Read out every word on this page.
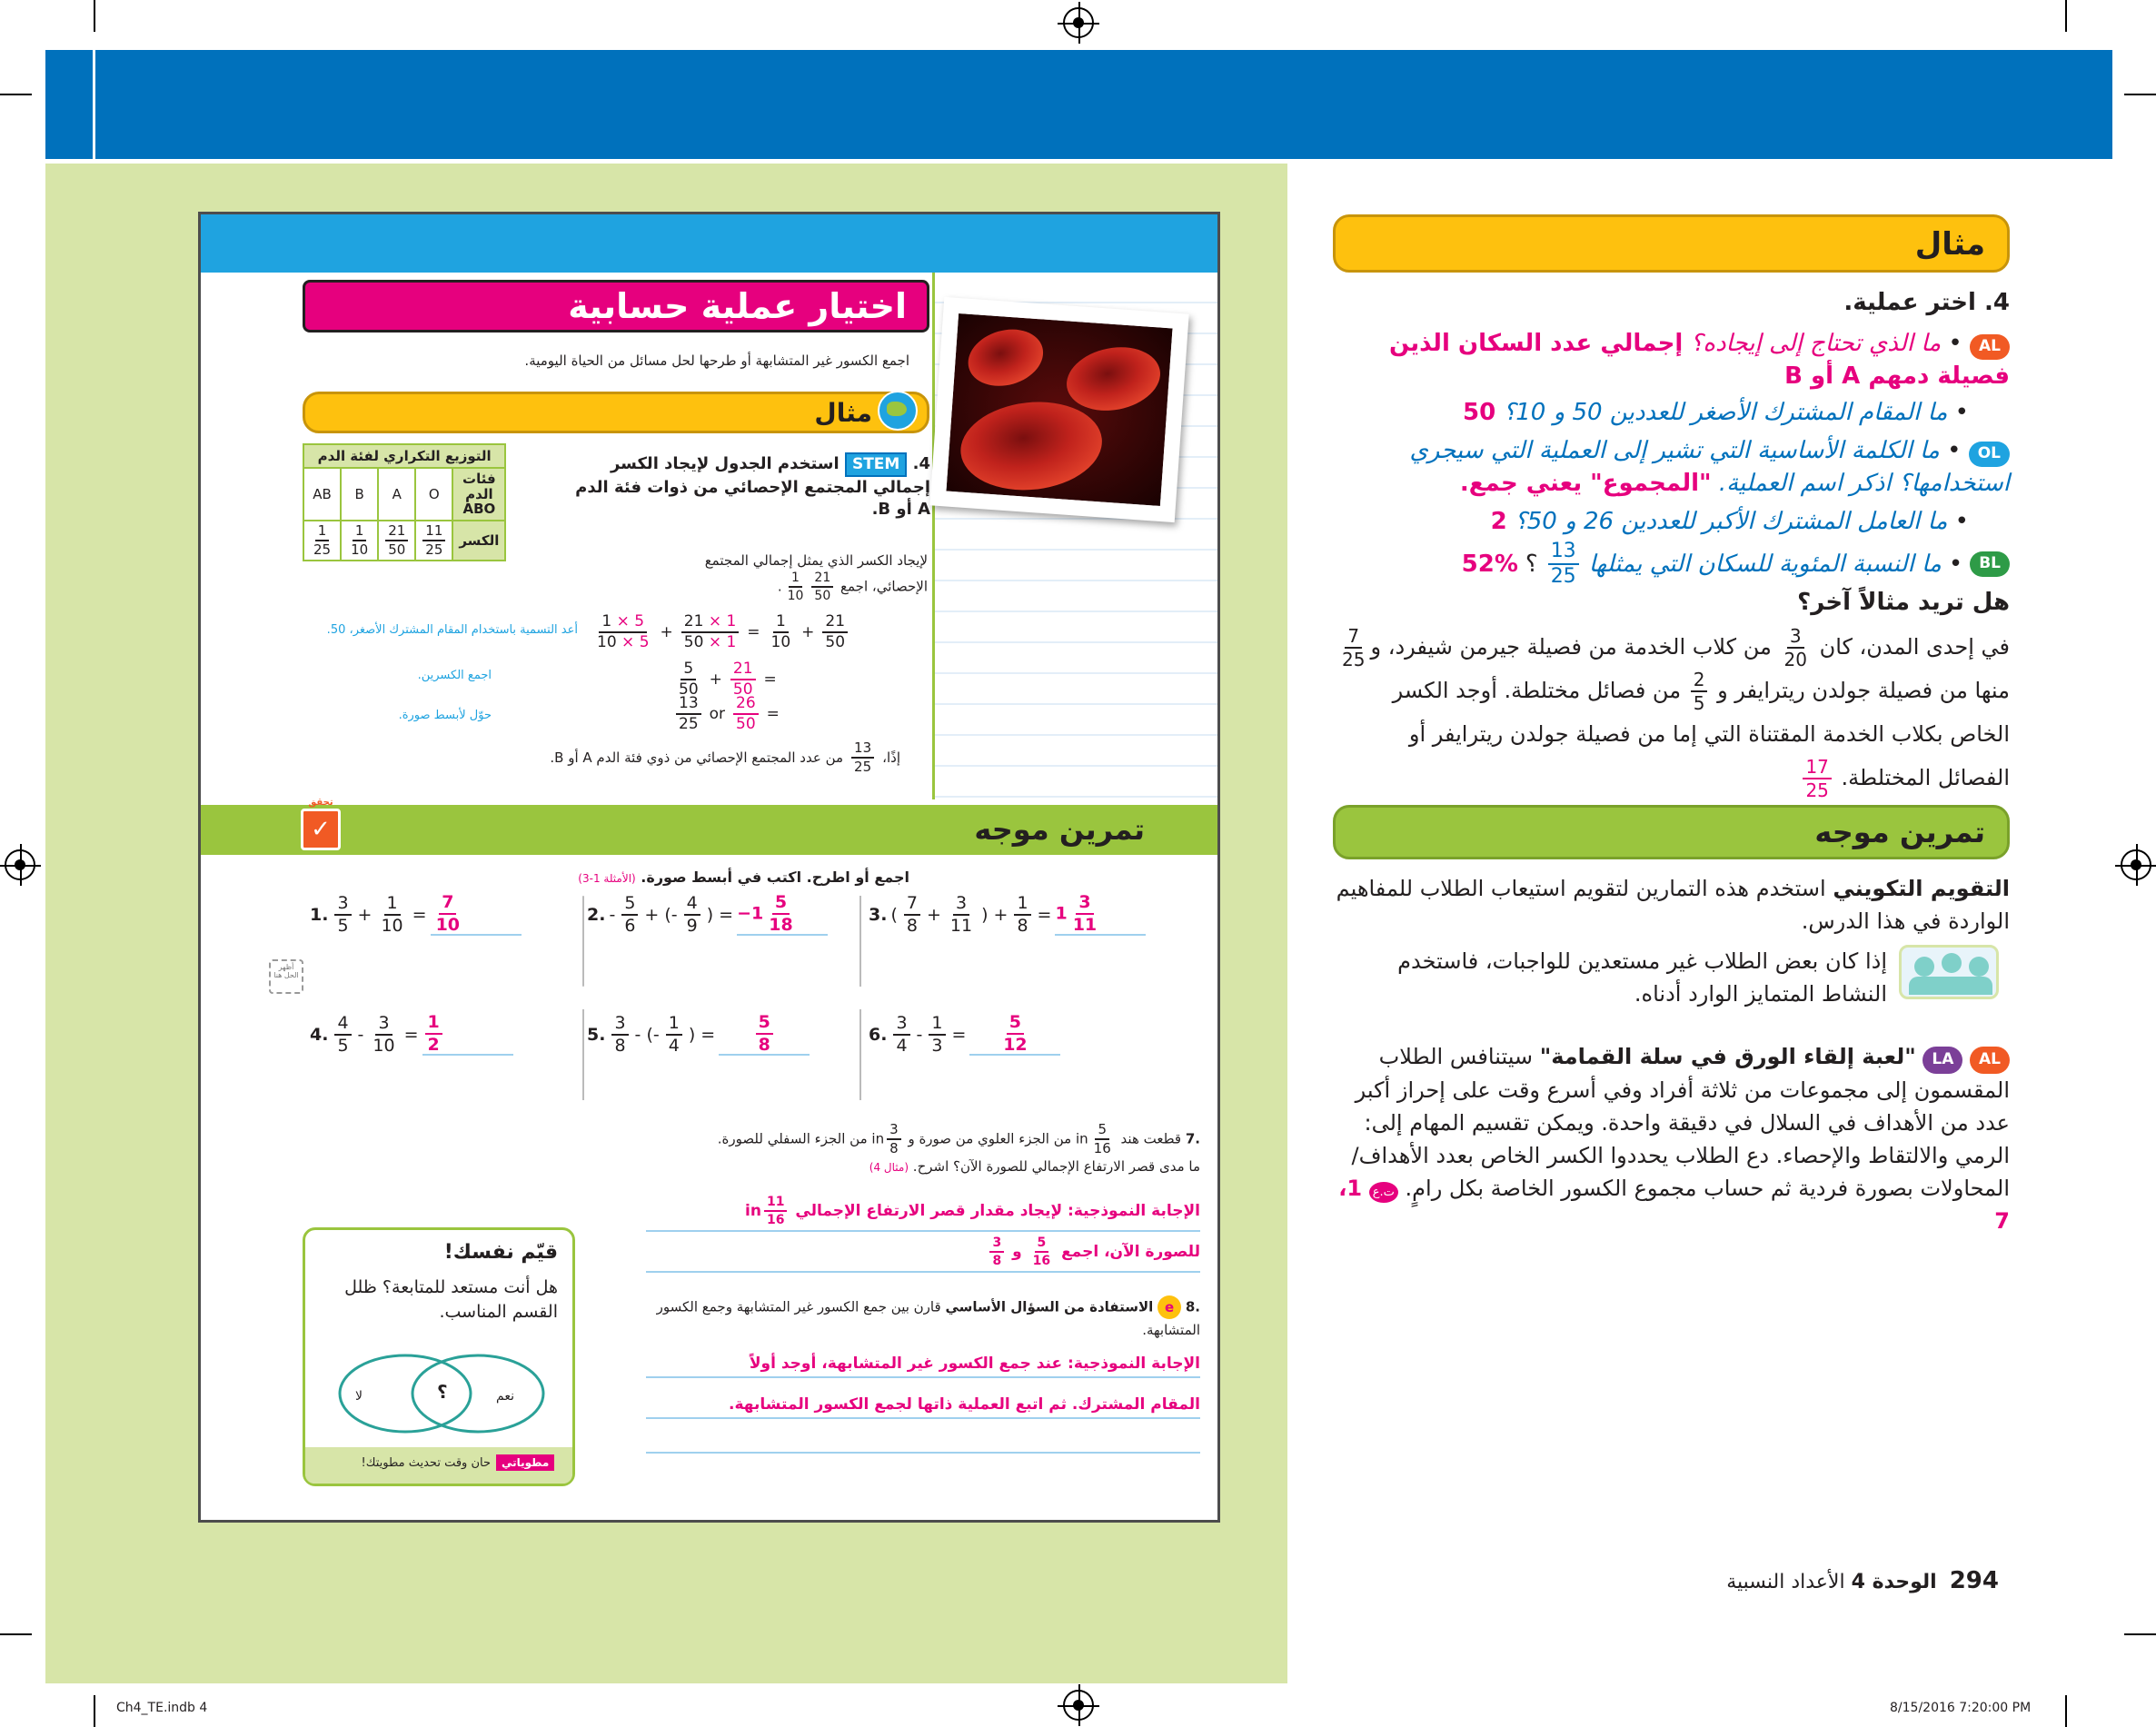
اختيار عملية حسابية
اجمع الكسور غير المتشابهة أو طرحها لحل مسائل من الحياة اليومية.
مثال
التوزيع التكراري لفئة الدم				
AB	B	A	O	فئات الدم ABO

$\frac{1}{25}$	$\frac{1}{10}$	$\frac{21}{50}$	$\frac{11}{25}$	الكسر
4. STEM استخدم الجدول لإيجاد الكسر إجمالي المجتمع الإحصائي من ذوات فئة الدم A أو B.
لإيجاد الكسر الذي يمثل إجمالي المجتمع
الإحصائي، اجمع
$\frac{21}{50}$
$\frac{1}{10}$
.
$\frac{1 \times 5}{10 \times 5} + \frac{21 \times 1}{50 \times 1} = \frac{1}{10} + \frac{21}{50}$
أعد التسمية باستخدام المقام المشترك الأصغر، 50.
$\frac{5}{50} + \frac{21}{50}$ =
اجمع الكسرين.
$\frac{13}{25}$ or $\frac{26}{50}$ =
حوّل لأبسط صورة.
إذًا،
$\frac{13}{25}$
من عدد المجتمع الإحصائي من ذوي فئة الدم A أو B.
تمرين موجه
✓
تحقق
اجمع أو اطرح. اكتب في أبسط صورة. (الأمثلة 1-3)
1. $\frac{3}{5} + \frac{1}{10} = \frac{7}{10}$	2. - $\frac{5}{6}$ + (- $\frac{4}{9}$ ) = $-1 \frac{5}{18}$	3. ( $\frac{7}{8} + \frac{3}{11}$ ) + $\frac{1}{8} = 1 \frac{3}{11}$
أظهر الحل هنا
4. $\frac{4}{5} - \frac{3}{10} = \frac{1}{2}$	5. $\frac{3}{8}$ - (- $\frac{1}{4}$ ) = $\frac{5}{8}$	6. $\frac{3}{4} - \frac{1}{3} = \frac{5}{12}$
.7 قطعت هند
$\frac{5}{16}$
in من الجزء العلوي من صورة و
$\frac{3}{8}$
in من الجزء السفلي للصورة.
ما مدى قصر الارتفاع الإجمالي للصورة الآن؟ اشرح. (مثال 4)
الإجابة النموذجية: لإيجاد مقدار قصر الارتفاع الإجمالي
$\frac{11}{16}$
in
للصورة الآن، اجمع
$\frac{5}{16}$
و
$\frac{3}{8}$
.8 e الاستفادة من السؤال الأساسي قارن بين جمع الكسور غير المتشابهة وجمع الكسور المتشابهة.
الإجابة النموذجية: عند جمع الكسور غير المتشابهة، أوجد أولاً
المقام المشترك. ثم اتبع العملية ذاتها لجمع الكسور المتشابهة.
قيّم نفسك!
هل أنت مستعد للمتابعة؟ ظلل القسم المناسب.
لا	؟	نعم
مطوياتي
حان وقت تحديث مطويتك!
مثال
4. اختر عملية.
AL • ما الذي تحتاج إلى إيجاده؟ إجمالي عدد السكان الذين فصيلة دمهم A أو B
• ما المقام المشترك الأصغر للعددين 50 و 10؟ 50
OL • ما الكلمة الأساسية التي تشير إلى العملية التي سيجري استخدامها؟ اذكر اسم العملية. "المجموع" يعني جمع.
• ما العامل المشترك الأكبر للعددين 26 و 50؟ 2
BL
•
ما النسبة المئوية للسكان التي يمثلها
$\frac{13}{25}$
؟
52%
هل تريد مثالاً آخر؟
في إحدى المدن، كان
$\frac{3}{20}$
من كلاب الخدمة من فصيلة جيرمن شيفرد، و
$\frac{7}{25}$
منها من فصيلة جولدن ريترايفر و
$\frac{2}{5}$
من فصائل مختلطة. أوجد الكسر الخاص بكلاب الخدمة المقتناة التي إما من فصيلة جولدن ريترايفر أو الفصائل المختلطة.
$\frac{17}{25}$
تمرين موجه
التقويم التكويني استخدم هذه التمارين لتقويم استيعاب الطلاب للمفاهيم الواردة في هذا الدرس.
إذا كان بعض الطلاب غير مستعدين للواجبات، فاستخدم النشاط المتمايز الوارد أدناه.
AL LA "لعبة إلقاء الورق في سلة القمامة" سيتنافس الطلاب المقسمون إلى مجموعات من ثلاثة أفراد وفي أسرع وقت على إحراز أكبر عدد من الأهداف في السلال في دقيقة واحدة. ويمكن تقسيم المهام إلى: الرمي والالتقاط والإحصاء. دع الطلاب يحددوا الكسر الخاص بعدد الأهداف/المحاولات بصورة فردية ثم حساب مجموع الكسور الخاصة بكل رامٍ. ت.ع 1، 7
294  الوحدة 4 الأعداد النسبية
Ch4_TE.indb 4	8/15/2016 7:20:00 PM
